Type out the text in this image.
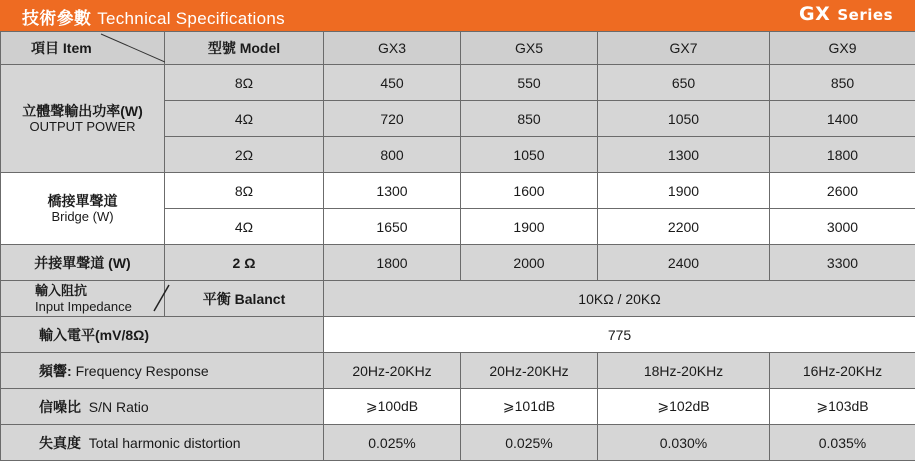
技術參數 Technical Specifications	GX Series
項目 Item	型號 Model	GX3	GX5	GX7	GX9

立體聲輸出功率(W)
OUTPUT POWER	8Ω	450	550	650	850
	4Ω	720	850	1050	1400
	2Ω	800	1050	1300	1800

橋接單聲道
Bridge (W)	8Ω	1300	1600	1900	2600
	4Ω	1650	1900	2200	3000
并接單聲道 (W)	2 Ω	1800	2000	2400	3300

輸入阻抗
Input Impedance	平衡 Balanct	10KΩ / 20KΩ			
輸入電平(mV/8Ω)		775			
頻響: Frequency Response		20Hz-20KHz	20Hz-20KHz	18Hz-20KHz	16Hz-20KHz
信噪比 S/N Ratio		⩾100dB	⩾101dB	⩾102dB	⩾103dB
失真度 Total harmonic distortion		0.025%	0.025%	0.030%	0.035%
